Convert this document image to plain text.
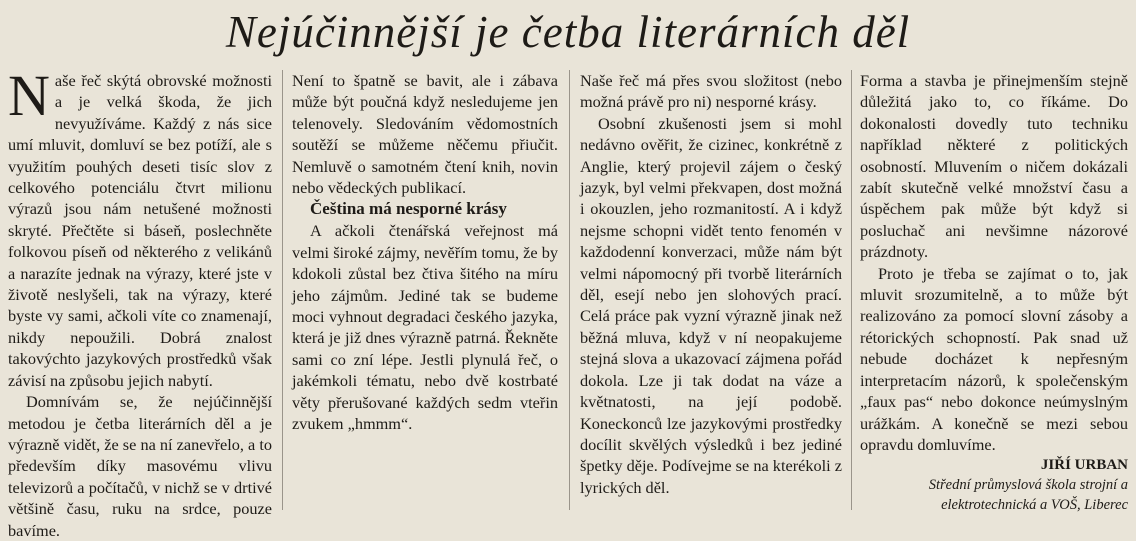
Nejúčinnější je četba literárních děl

Naše řeč skýtá obrovské možnosti a je velká škoda, že jich nevyužíváme. Každý z nás sice umí mluvit, domluví se bez potíží, ale s využitím pouhých deseti tisíc slov z celkového potenciálu čtvrt milionu výrazů jsou nám netušené možnosti skryté. Přečtěte si báseň, poslechněte folkovou píseň od některého z velikánů a narazíte jednak na výrazy, které jste v životě neslyšeli, tak na výrazy, které byste vy sami, ačkoli víte co znamenají, nikdy nepoužili. Dobrá znalost takovýchto jazykových prostředků však závisí na způsobu jejich nabytí.

Domnívám se, že nejúčinnější metodou je četba literárních děl a je výrazně vidět, že se na ní zanevřelo, a to především díky masovému vlivu televizorů a počítačů, v nichž se v drtivé většině času, ruku na srdce, pouze bavíme.

Není to špatně se bavit, ale i zábava může být poučná když nesledujeme jen telenovely. Sledováním vědomostních soutěží se můžeme něčemu přiučit. Nemluvě o samotném čtení knih, novin nebo vědeckých publikací.

Čeština má nesporné krásy

A ačkoli čtenářská veřejnost má velmi široké zájmy, nevěřím tomu, že by kdokoli zůstal bez čtiva šitého na míru jeho zájmům. Jediné tak se budeme moci vyhnout degradaci českého jazyka, která je již dnes výrazně patrná. Řekněte sami co zní lépe. Jestli plynulá řeč, o jakémkoli tématu, nebo dvě kostrbaté věty přerušované každých sedm vteřin zvukem „hmmm“.

Naše řeč má přes svou složitost (nebo možná právě pro ni) nesporné krásy.

Osobní zkušenosti jsem si mohl nedávno ověřit, že cizinec, konkrétně z Anglie, který projevil zájem o český jazyk, byl velmi překvapen, dost možná i okouzlen, jeho rozmanitostí. A i když nejsme schopni vidět tento fenomén v každodenní konverzaci, může nám být velmi nápomocný při tvorbě literárních děl, esejí nebo jen slohových prací. Celá práce pak vyzní výrazně jinak než běžná mluva, když v ní neopakujeme stejná slova a ukazovací zájmena pořád dokola. Lze ji tak dodat na váze a květnatosti, na její podobě. Koneckonců lze jazykovými prostředky docílit skvělých výsledků i bez jediné špetky děje. Podívejme se na kterékoli z lyrických děl.

Forma a stavba je přinejmenším stejně důležitá jako to, co říkáme. Do dokonalosti dovedly tuto techniku například některé z politických osobností. Mluvením o ničem dokázali zabít skutečně velké množství času a úspěchem pak může být když si posluchač ani nevšimne názorové prázdnoty.

Proto je třeba se zajímat o to, jak mluvit srozumitelně, a to může být realizováno za pomocí slovní zásoby a rétorických schopností. Pak snad už nebude docházet k nepřesným interpretacím názorů, k společenským „faux pas“ nebo dokonce neúmyslným urážkám. A konečně se mezi sebou opravdu domluvíme.

JIŘÍ URBAN

Střední průmyslová škola strojní a

elektrotechnická a VOŠ, Liberec
